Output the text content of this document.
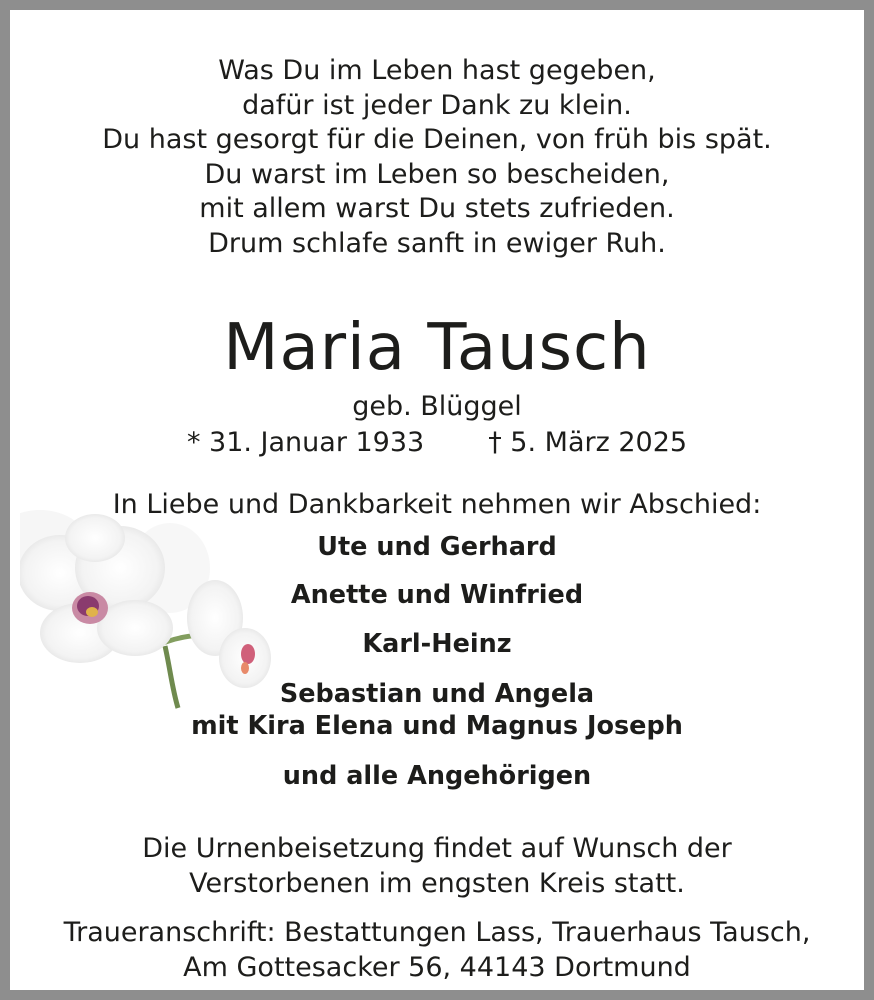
Was Du im Leben hast gegeben,
dafür ist jeder Dank zu klein.
Du hast gesorgt für die Deinen, von früh bis spät.
Du warst im Leben so bescheiden,
mit allem warst Du stets zufrieden.
Drum schlafe sanft in ewiger Ruh.
Maria Tausch
geb. Blüggel
* 31. Januar 1933 † 5. März 2025
In Liebe und Dankbarkeit nehmen wir Abschied:
Ute und Gerhard
Anette und Winfried
Karl-Heinz
Sebastian und Angela
mit Kira Elena und Magnus Joseph
und alle Angehörigen
Die Urnenbeisetzung findet auf Wunsch der
Verstorbenen im engsten Kreis statt.
Traueranschrift: Bestattungen Lass, Trauerhaus Tausch,
Am Gottesacker 56, 44143 Dortmund
